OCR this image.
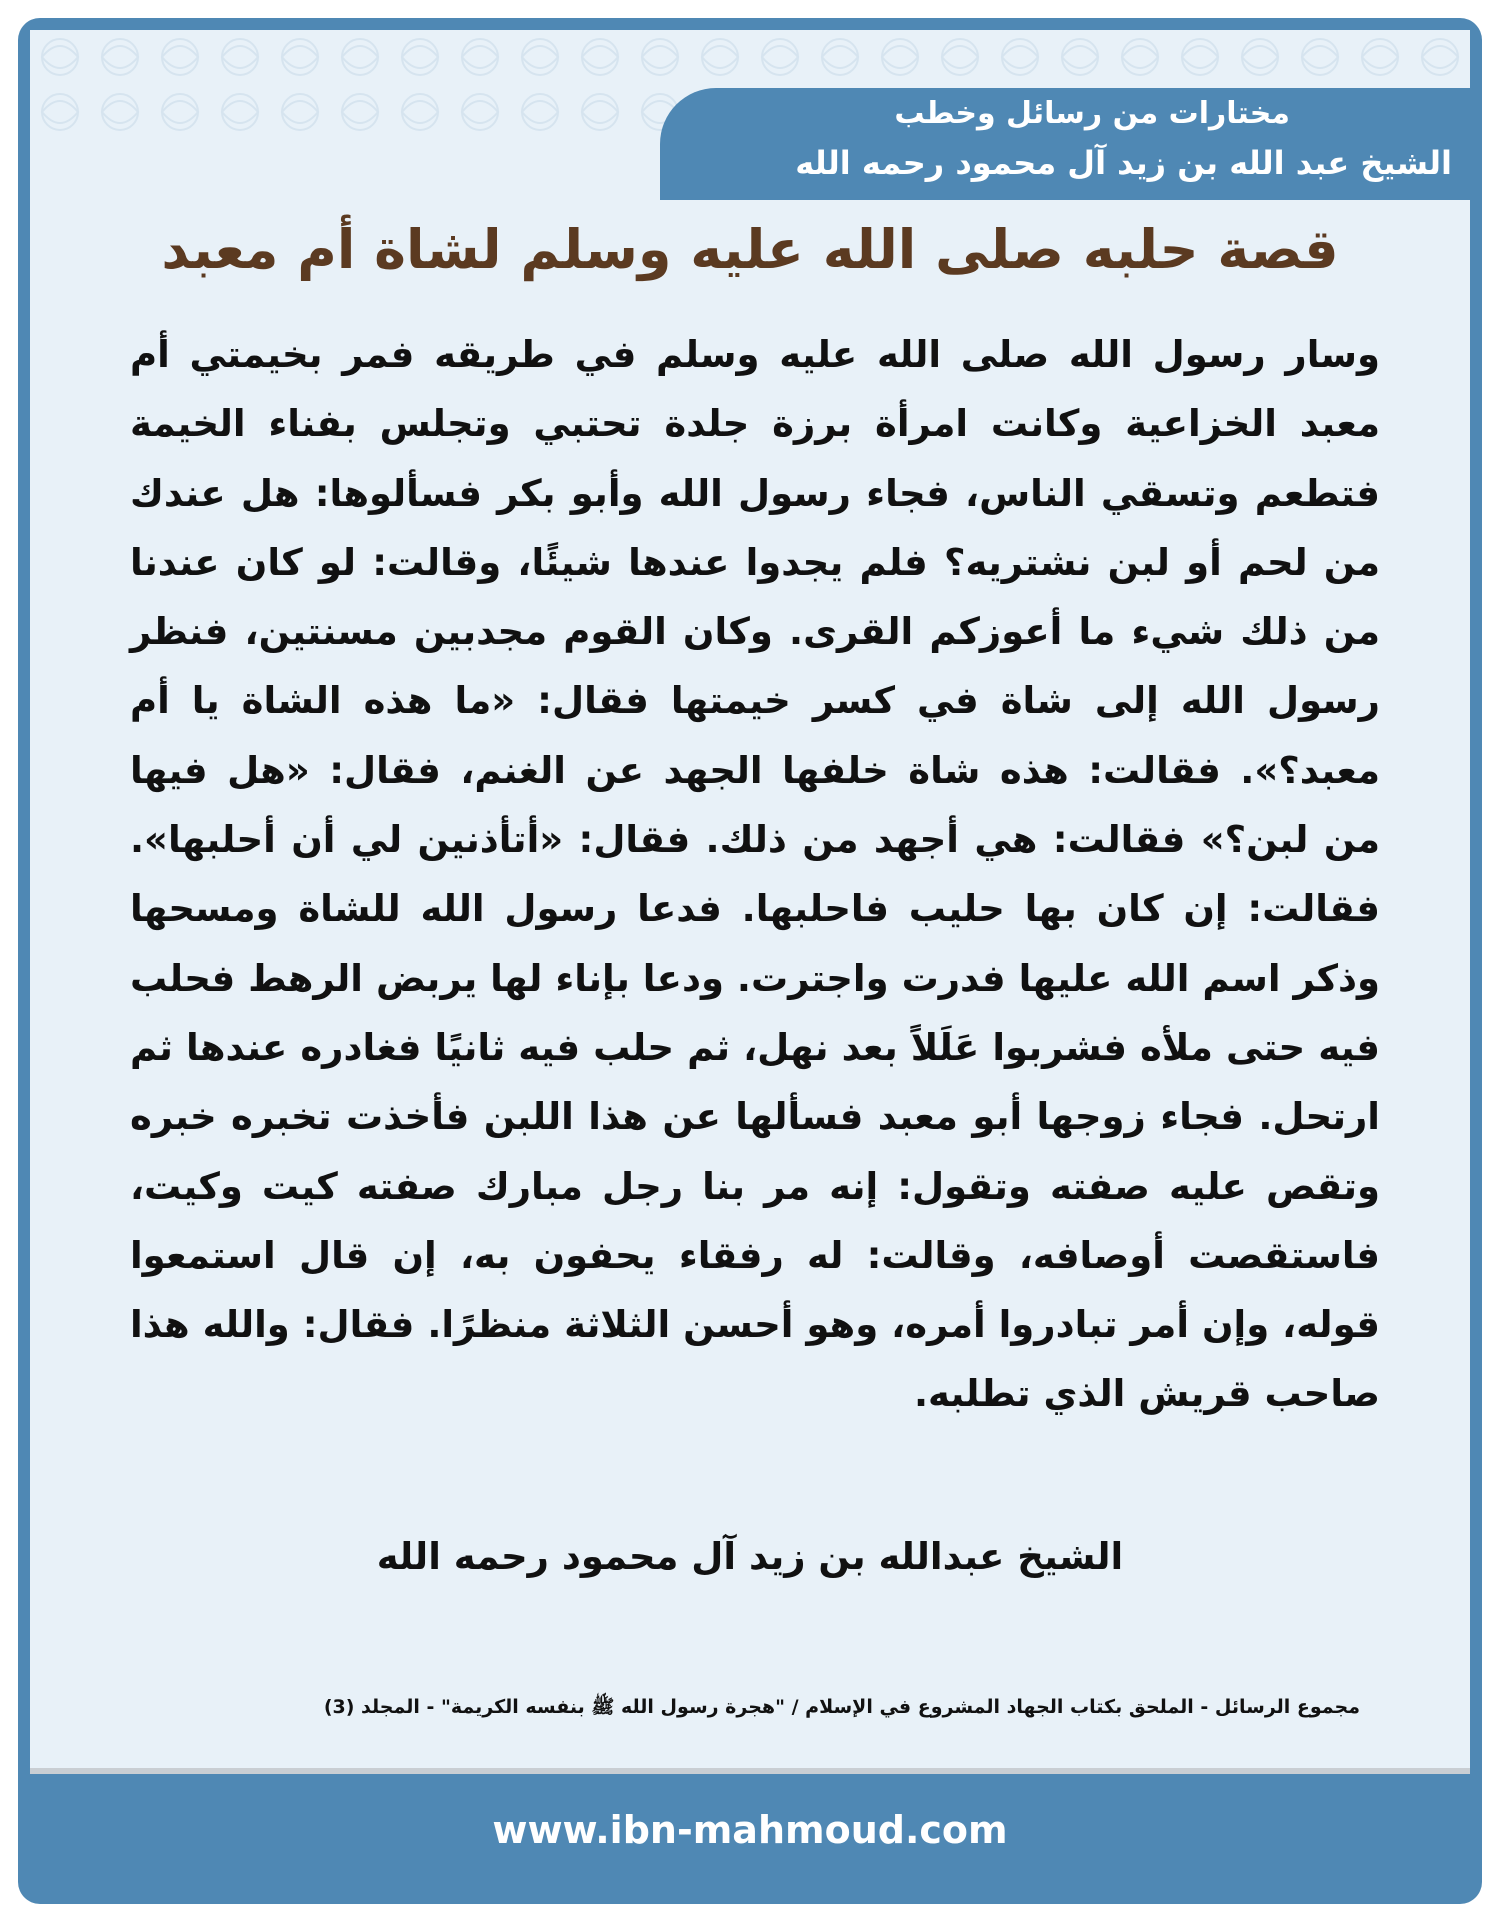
مختارات من رسائل وخطب
الشيخ عبد الله بن زيد آل محمود رحمه الله
قصة حلبه صلى الله عليه وسلم لشاة أم معبد
وسار رسول الله صلى الله عليه وسلم في طريقه فمر بخيمتي أم معبد الخزاعية وكانت امرأة برزة جلدة تحتبي وتجلس بفناء الخيمة فتطعم وتسقي الناس، فجاء رسول الله وأبو بكر فسألوها: هل عندك من لحم أو لبن نشتريه؟ فلم يجدوا عندها شيئًا، وقالت: لو كان عندنا من ذلك شيء ما أعوزكم القرى. وكان القوم مجدبين مسنتين، فنظر رسول الله إلى شاة في كسر خيمتها فقال: «ما هذه الشاة يا أم معبد؟». فقالت: هذه شاة خلفها الجهد عن الغنم، فقال: «هل فيها من لبن؟» فقالت: هي أجهد من ذلك. فقال: «أتأذنين لي أن أحلبها». فقالت: إن كان بها حليب فاحلبها. فدعا رسول الله للشاة ومسحها وذكر اسم الله عليها فدرت واجترت. ودعا بإناء لها يربض الرهط فحلب فيه حتى ملأه فشربوا عَلَلاً بعد نهل، ثم حلب فيه ثانيًا فغادره عندها ثم ارتحل. فجاء زوجها أبو معبد فسألها عن هذا اللبن فأخذت تخبره خبره وتقص عليه صفته وتقول: إنه مر بنا رجل مبارك صفته كيت وكيت، فاستقصت أوصافه، وقالت: له رفقاء يحفون به، إن قال استمعوا قوله، وإن أمر تبادروا أمره، وهو أحسن الثلاثة منظرًا. فقال: والله هذا صاحب قريش الذي تطلبه.
الشيخ عبدالله بن زيد آل محمود رحمه الله
مجموع الرسائل - الملحق بكتاب الجهاد المشروع في الإسلام / "هجرة رسول الله ﷺ بنفسه الكريمة" - المجلد (3)
www.ibn-mahmoud.com
